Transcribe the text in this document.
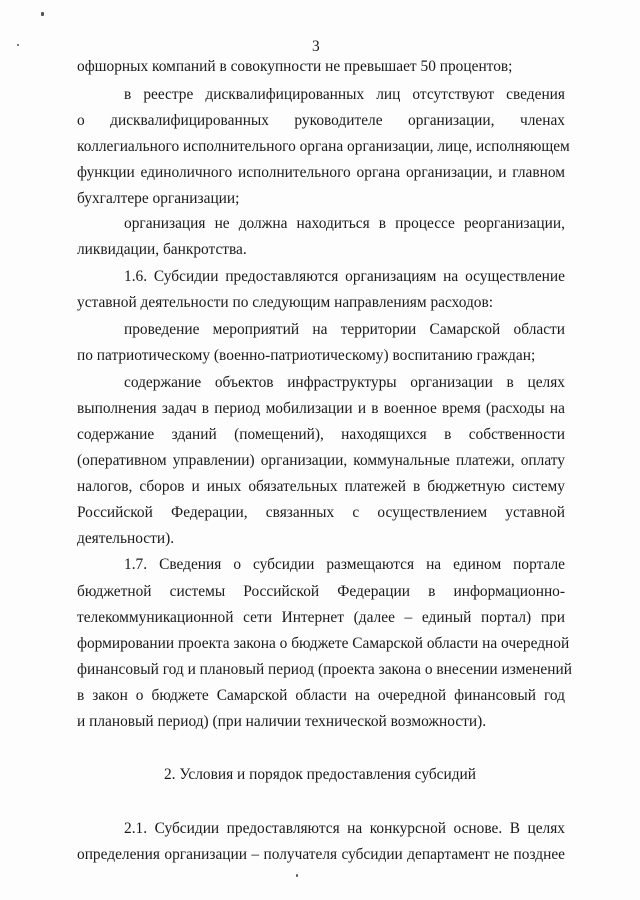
3
офшорных компаний в совокупности не превышает 50 процентов;
в реестре дисквалифицированных лиц отсутствуют сведения
о дисквалифицированных руководителе организации, членах
коллегиального исполнительного органа организации, лице, исполняющем
функции единоличного исполнительного органа организации, и главном
бухгалтере организации;
организация не должна находиться в процессе реорганизации,
ликвидации, банкротства.
1.6. Субсидии предоставляются организациям на осуществление
уставной деятельности по следующим направлениям расходов:
проведение мероприятий на территории Самарской области
по патриотическому (военно-патриотическому) воспитанию граждан;
содержание объектов инфраструктуры организации в целях
выполнения задач в период мобилизации и в военное время (расходы на
содержание зданий (помещений), находящихся в собственности
(оперативном управлении) организации, коммунальные платежи, оплату
налогов, сборов и иных обязательных платежей в бюджетную систему
Российской Федерации, связанных с осуществлением уставной
деятельности).
1.7. Сведения о субсидии размещаются на едином портале
бюджетной системы Российской Федерации в информационно-
телекоммуникационной сети Интернет (далее – единый портал) при
формировании проекта закона о бюджете Самарской области на очередной
финансовый год и плановый период (проекта закона о внесении изменений
в закон о бюджете Самарской области на очередной финансовый год
и плановый период) (при наличии технической возможности).
2. Условия и порядок предоставления субсидий
2.1. Субсидии предоставляются на конкурсной основе. В целях
определения организации – получателя субсидии департамент не позднее
